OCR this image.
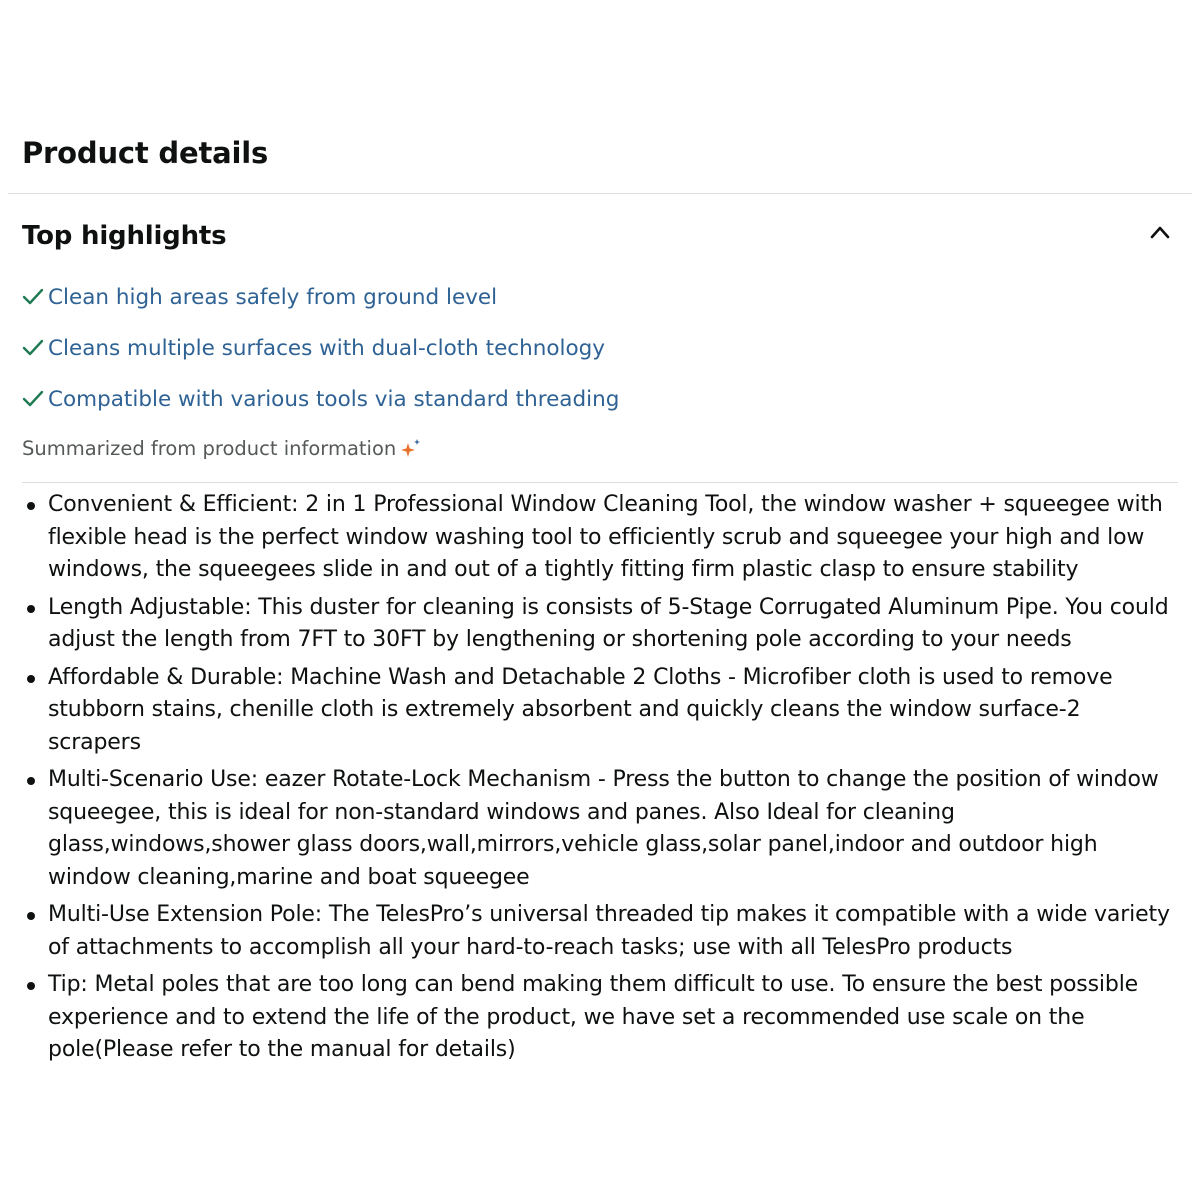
Product details
Top highlights
Clean high areas safely from ground level
Cleans multiple surfaces with dual-cloth technology
Compatible with various tools via standard threading
Summarized from product information
Convenient & Efficient: 2 in 1 Professional Window Cleaning Tool, the window washer + squeegee with flexible head is the perfect window washing tool to efficiently scrub and squeegee your high and low windows, the squeegees slide in and out of a tightly fitting firm plastic clasp to ensure stability
Length Adjustable: This duster for cleaning is consists of 5-Stage Corrugated Aluminum Pipe. You could adjust the length from 7FT to 30FT by lengthening or shortening pole according to your needs
Affordable & Durable: Machine Wash and Detachable 2 Cloths - Microfiber cloth is used to remove stubborn stains, chenille cloth is extremely absorbent and quickly cleans the window surface-2 scrapers
Multi-Scenario Use: eazer Rotate-Lock Mechanism - Press the button to change the position of window squeegee, this is ideal for non-standard windows and panes. Also Ideal for cleaning glass,windows,shower glass doors,wall,mirrors,vehicle glass,solar panel,indoor and outdoor high window cleaning,marine and boat squeegee
Multi-Use Extension Pole: The TelesPro’s universal threaded tip makes it compatible with a wide variety of attachments to accomplish all your hard-to-reach tasks; use with all TelesPro products
Tip: Metal poles that are too long can bend making them difficult to use. To ensure the best possible experience and to extend the life of the product, we have set a recommended use scale on the pole(Please refer to the manual for details)
